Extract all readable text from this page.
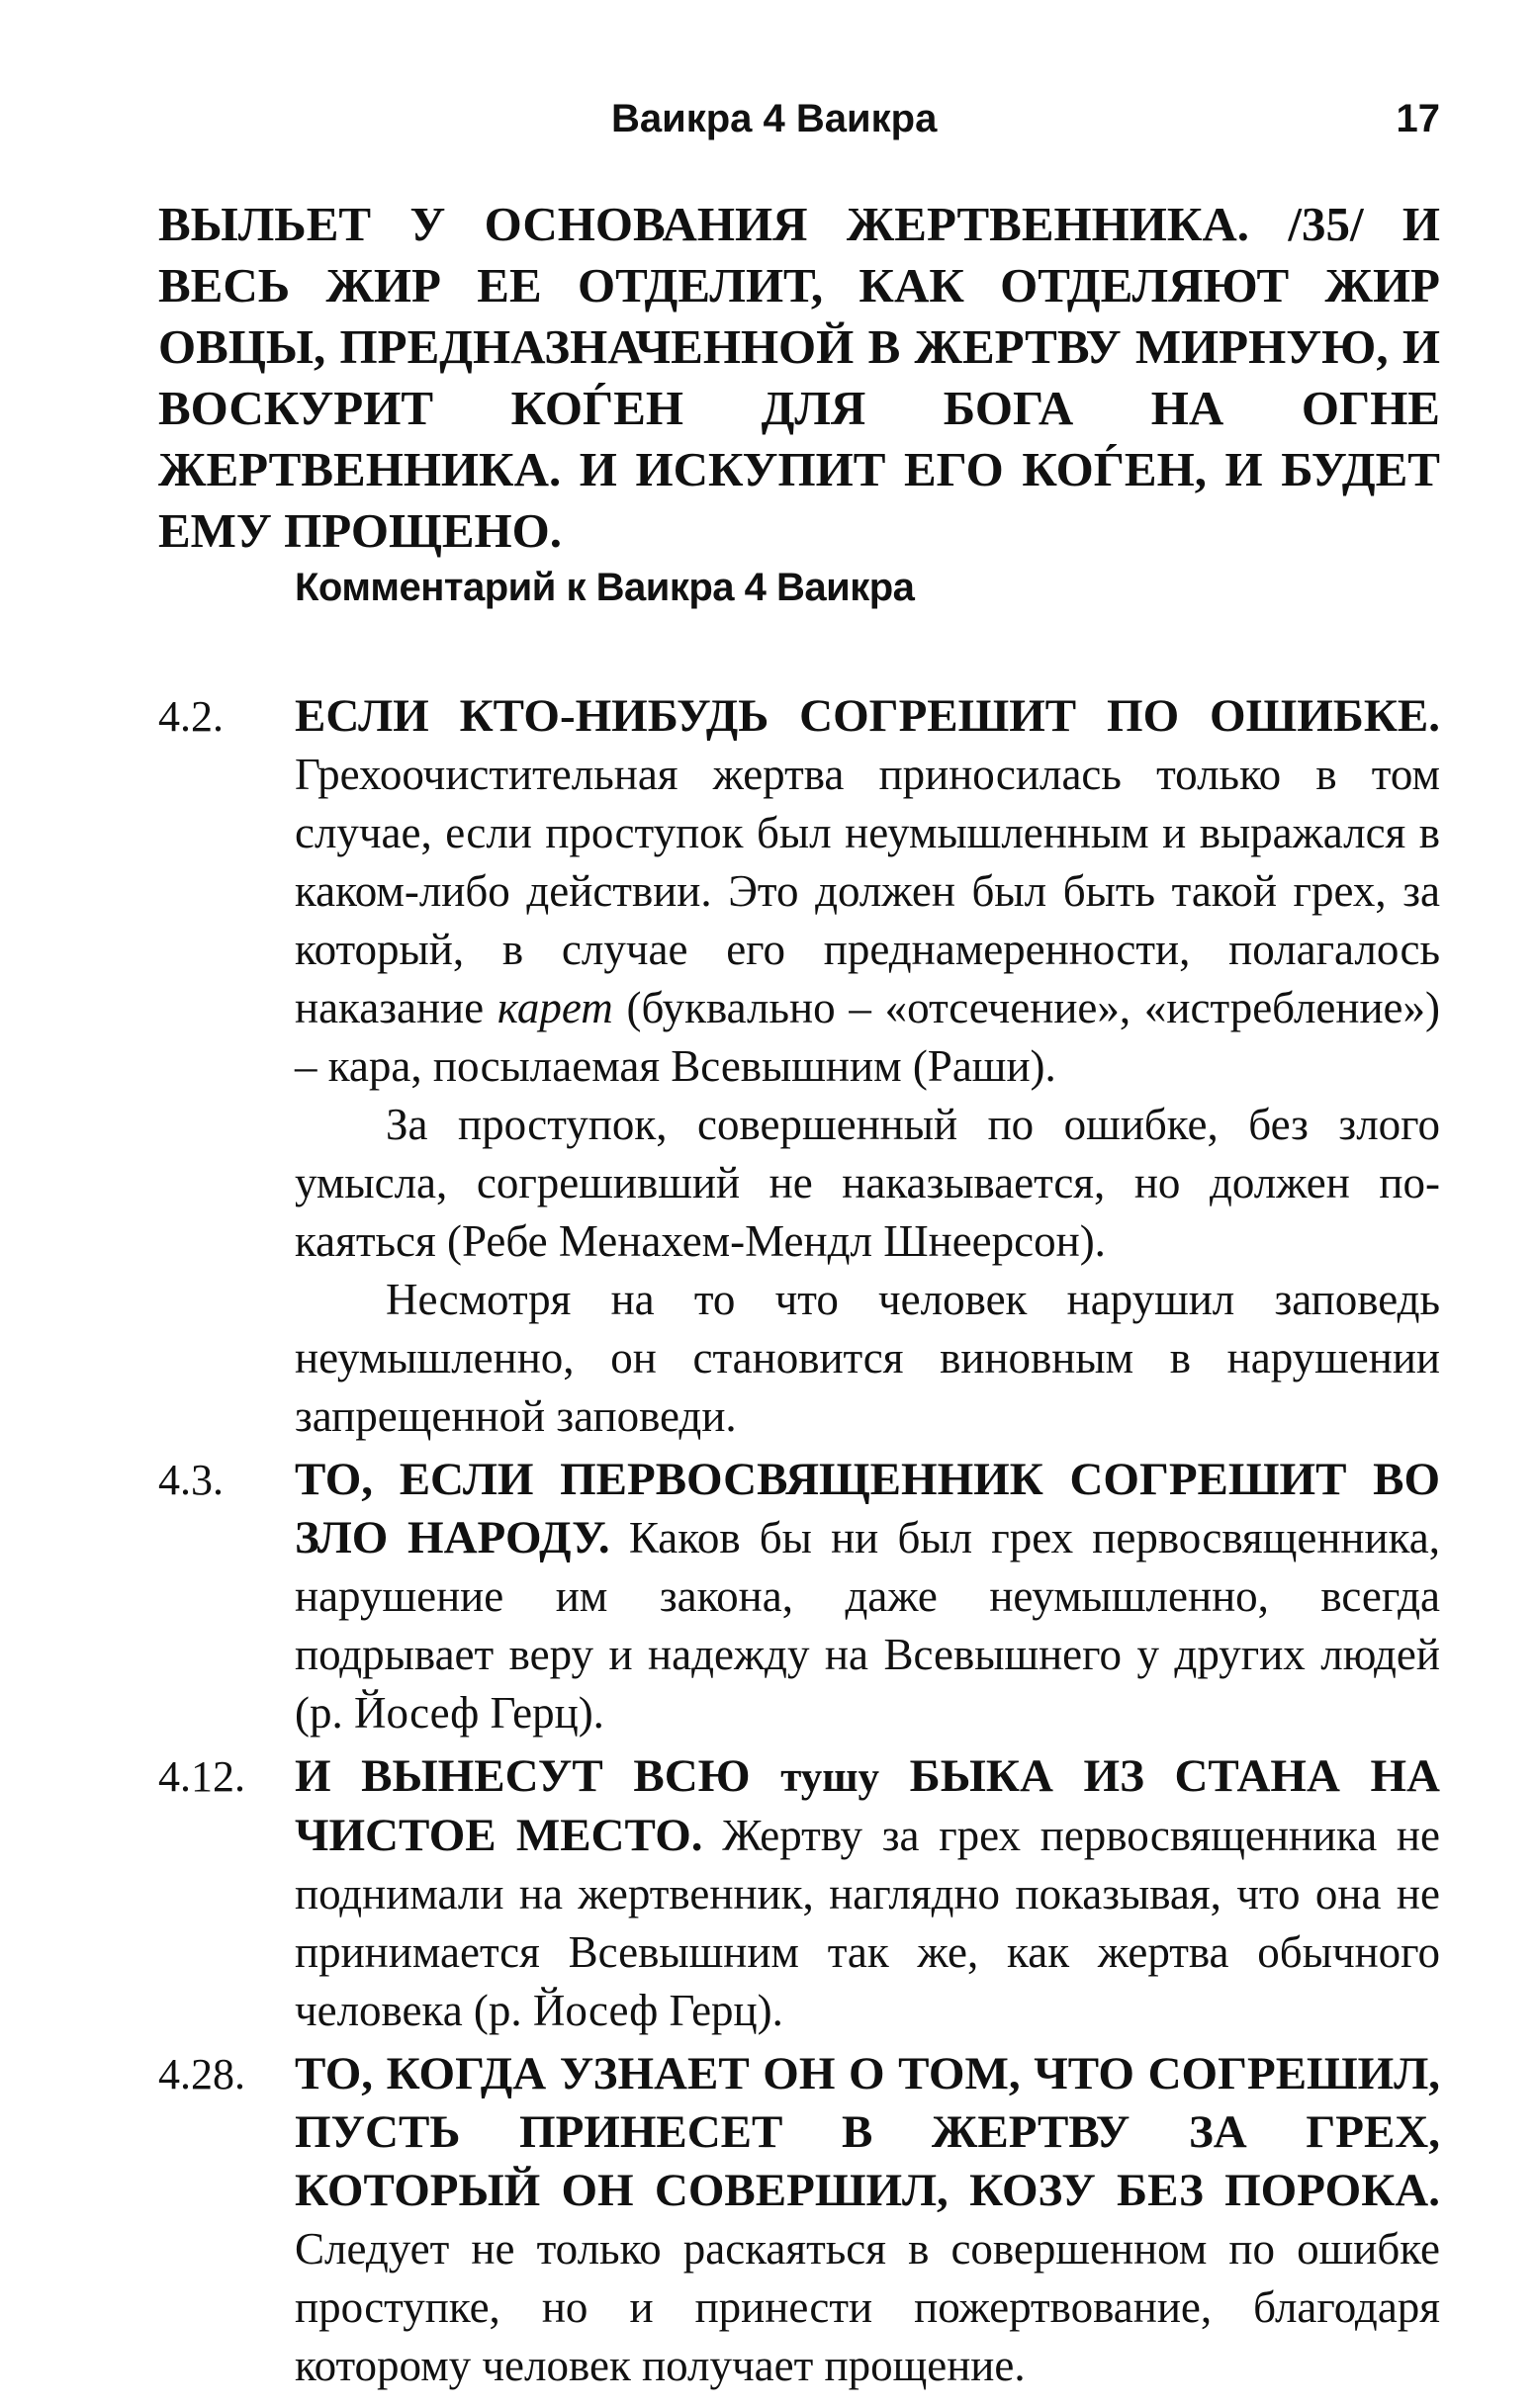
Ваикра 4 Ваикра	17
ВЫЛЬЕТ У ОСНОВАНИЯ ЖЕРТВЕННИКА. /35/ И ВЕСЬ ЖИР ЕЕ ОТДЕЛИТ, КАК ОТДЕЛЯЮТ ЖИР ОВЦЫ, ПРЕДНАЗНАЧЕННОЙ В ЖЕРТВУ МИРНУЮ, И ВОСКУРИТ КОЃЕН ДЛЯ БОГА НА ОГНЕ ЖЕРТВЕННИКА. И ИСКУПИТ ЕГО КОЃЕН, И БУДЕТ ЕМУ ПРОЩЕНО.
Комментарий к Ваикра 4 Ваикра
4.2.	ЕСЛИ КТО-НИБУДЬ СОГРЕШИТ ПО ОШИБКЕ. Грехоочистительная жертва приносилась только в том случае, если проступок был неумышленным и выражался в каком-либо действии. Это должен был быть такой грех, за который, в случае его преднамеренности, полагалось наказание карет (буквально – «отсечение», «истребление») – кара, посылаемая Всевышним (Раши).

За проступок, совершенный по ошибке, без злого умысла, согрешивший не наказывается, но должен покаяться (Ребе Менахем-Мендл Шнеерсон).

Несмотря на то что человек нарушил заповедь неумышленно, он становится виновным в нарушении запрещенной заповеди.

4.3.	ТО, ЕСЛИ ПЕРВОСВЯЩЕННИК СОГРЕШИТ ВО ЗЛО НАРОДУ. Каков бы ни был грех первосвященника, нарушение им закона, даже неумышленно, всегда подрывает веру и надежду на Всевышнего у других людей (р. Йосеф Герц).

4.12.	И ВЫНЕСУТ ВСЮ тушу БЫКА ИЗ СТАНА НА ЧИСТОЕ МЕСТО. Жертву за грех первосвященника не поднимали на жертвенник, наглядно показывая, что она не принимается Всевышним так же, как жертва обычного человека (р. Йосеф Герц).

4.28.	ТО, КОГДА УЗНАЕТ ОН О ТОМ, ЧТО СОГРЕШИЛ, ПУСТЬ ПРИНЕСЕТ В ЖЕРТВУ ЗА ГРЕХ, КОТОРЫЙ ОН СОВЕРШИЛ, КОЗУ БЕЗ ПОРОКА. Следует не только раскаяться в совершенном по ошибке проступке, но и принести пожертвование, благодаря которому человек получает прощение.
